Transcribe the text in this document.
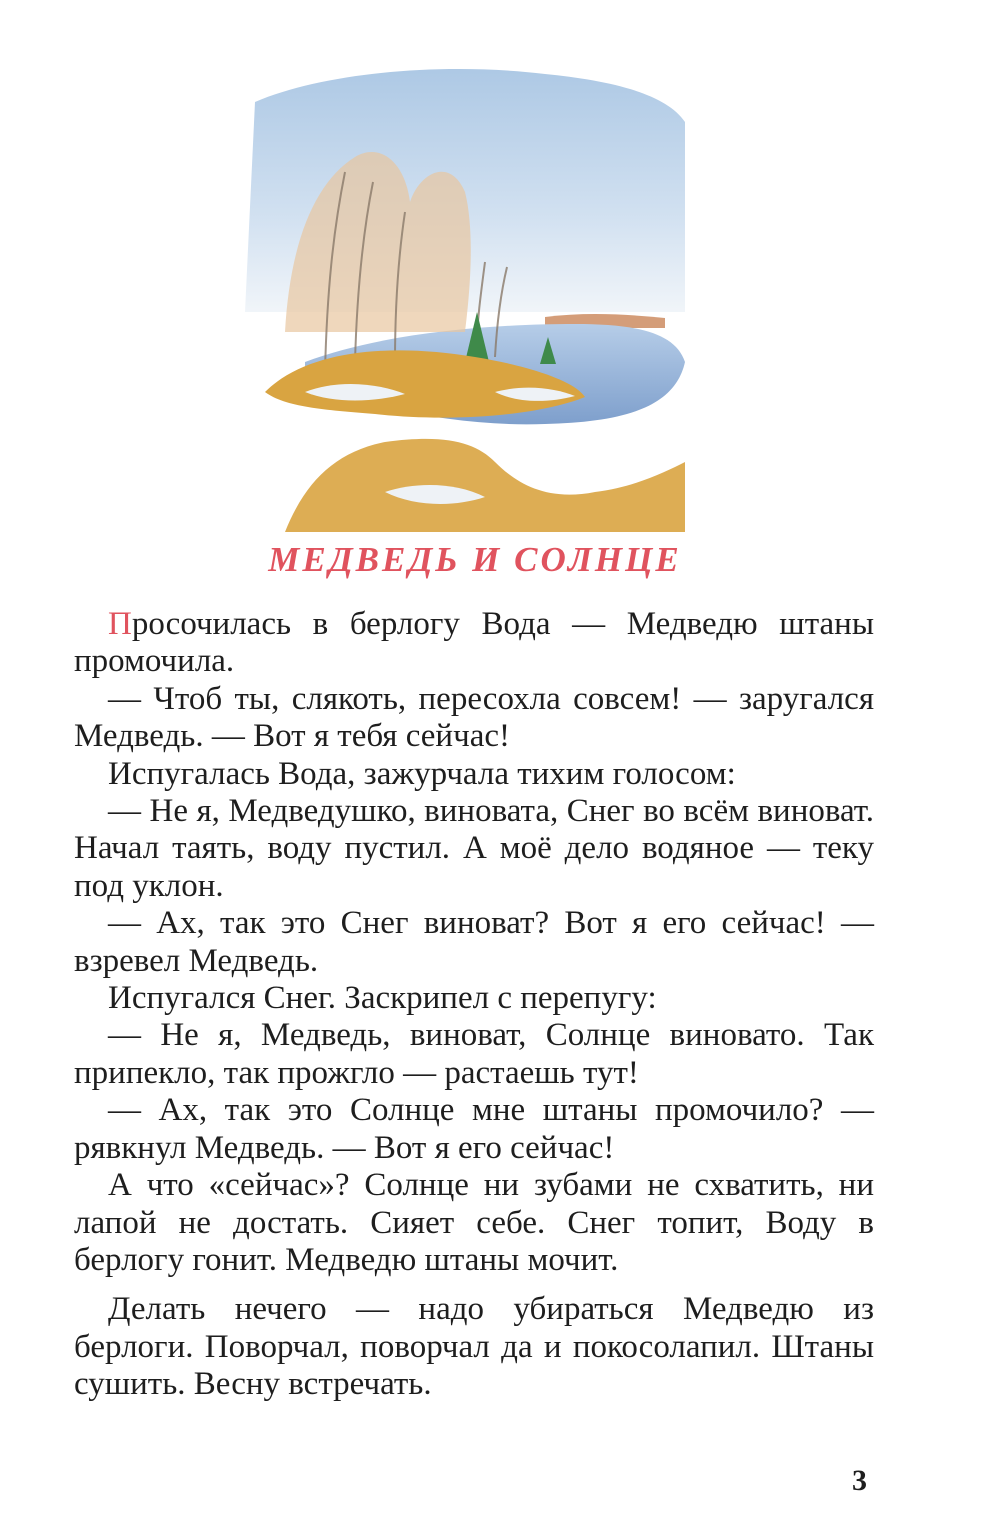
МЕДВЕДЬ И СОЛНЦЕ

Просочилась в берлогу Вода — Медведю штаны промочила.

— Чтоб ты, слякоть, пересохла совсем! — заругался Медведь. — Вот я тебя сейчас!

Испугалась Вода, зажурчала тихим голосом:

— Не я, Медведушко, виновата, Снег во всём виноват. Начал таять, воду пустил. А моё дело водяное — теку под уклон.

— Ах, так это Снег виноват? Вот я его сейчас! — взревел Медведь.

Испугался Снег. Заскрипел с перепугу:

— Не я, Медведь, виноват, Солнце виновато. Так припекло, так прожгло — растаешь тут!

— Ах, так это Солнце мне штаны промочило? — рявкнул Медведь. — Вот я его сейчас!

А что «сейчас»? Солнце ни зубами не схватить, ни лапой не достать. Сияет себе. Снег топит, Воду в берлогу гонит. Медведю штаны мочит.

Делать нечего — надо убираться Медведю из берлоги. Поворчал, поворчал да и покосолапил. Штаны сушить. Весну встречать.

3
